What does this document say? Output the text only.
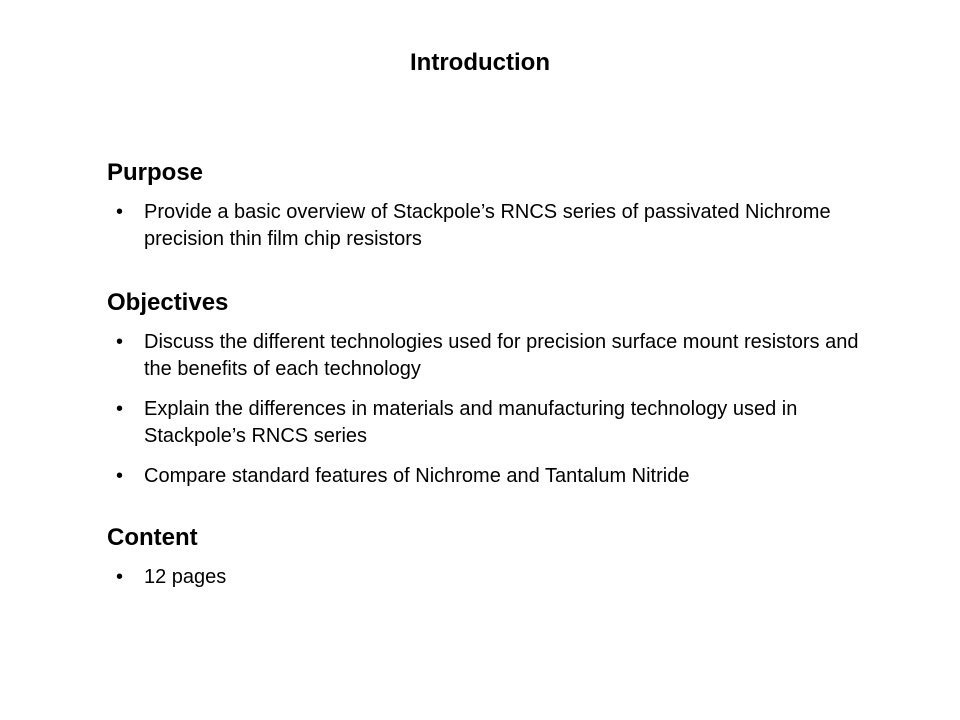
Introduction
Purpose
• Provide a basic overview of Stackpole’s RNCS series of passivated Nichrome precision thin film chip resistors
Objectives
• Discuss the different technologies used for precision surface mount resistors and the benefits of each technology
• Explain the differences in materials and manufacturing technology used in Stackpole’s RNCS series
• Compare standard features of Nichrome and Tantalum Nitride
Content
• 12 pages
